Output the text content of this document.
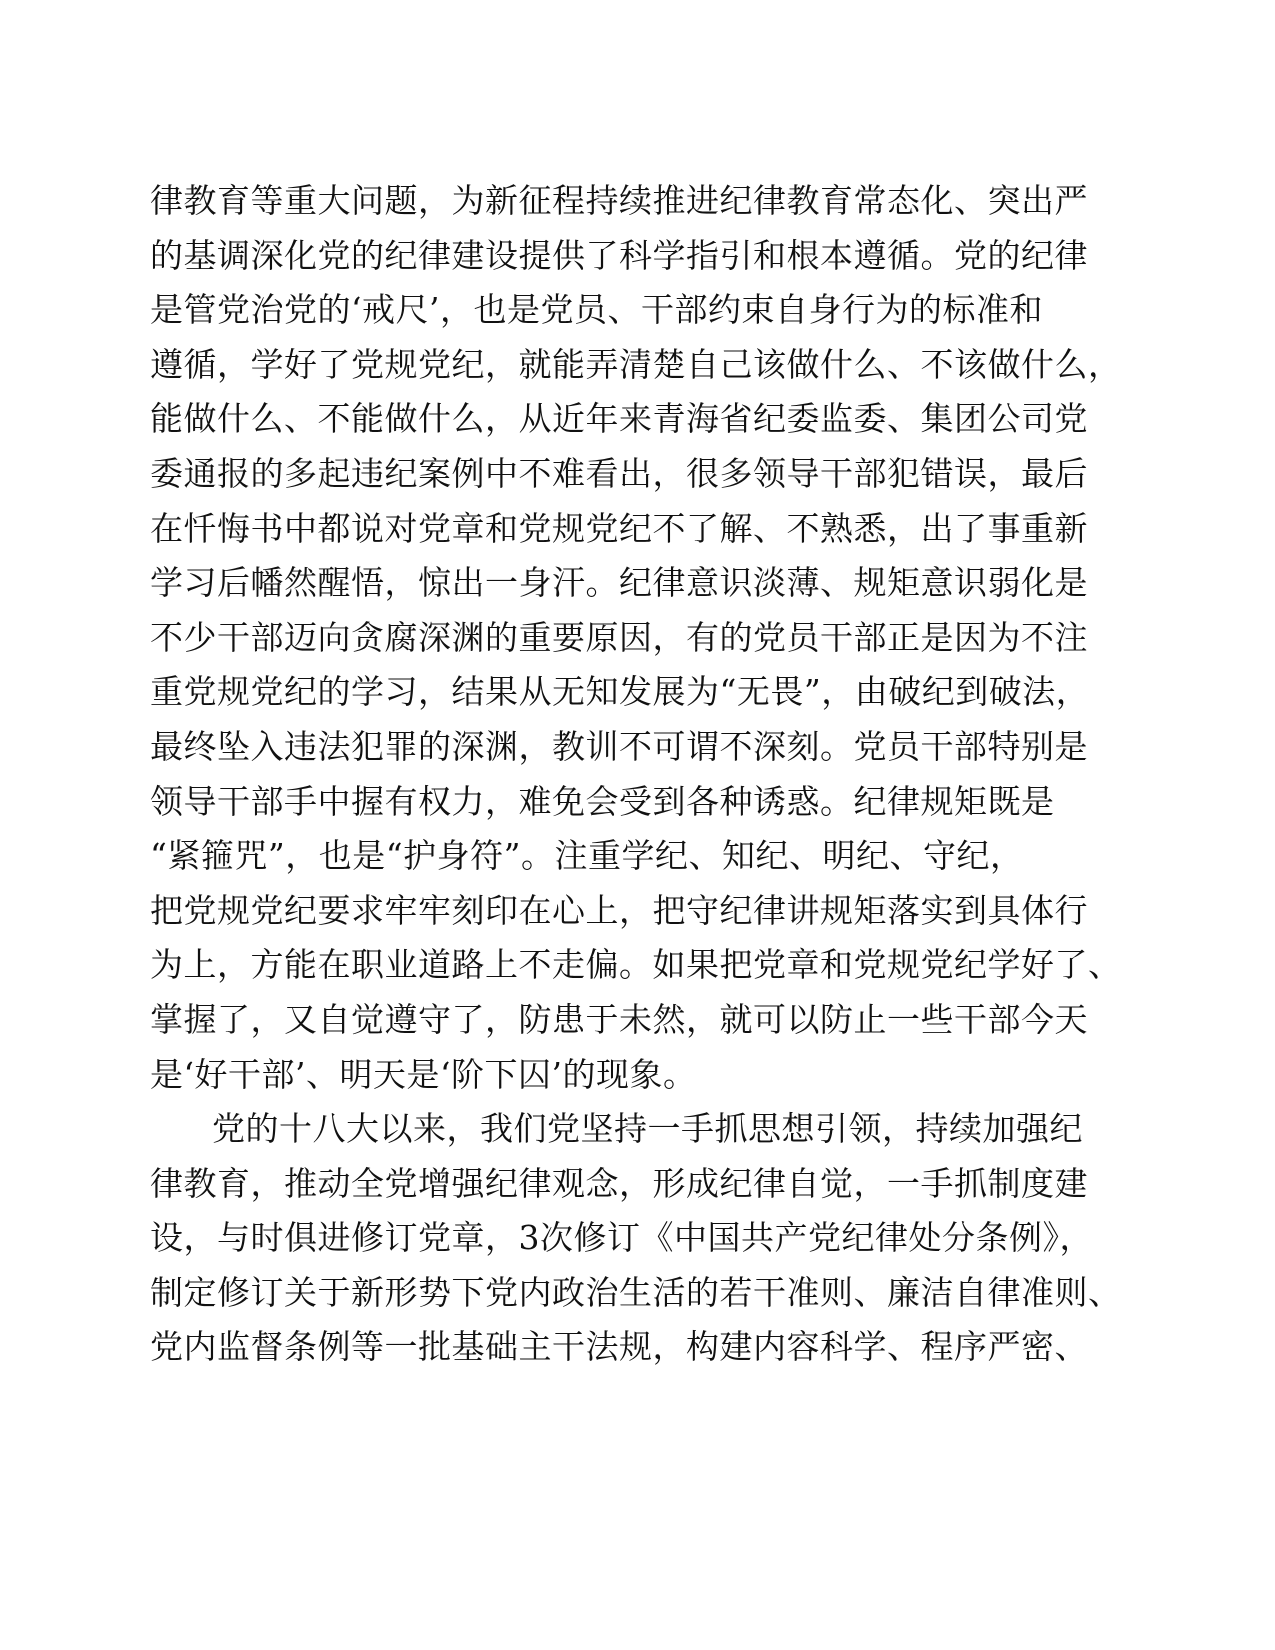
律教育等重大问题，为新征程持续推进纪律教育常态化、突出严
的基调深化党的纪律建设提供了科学指引和根本遵循。党的纪律
是管党治党的‘戒尺’，也是党员、干部约束自身行为的标准和
遵循，学好了党规党纪，就能弄清楚自己该做什么、不该做什么，
能做什么、不能做什么，从近年来青海省纪委监委、集团公司党
委通报的多起违纪案例中不难看出，很多领导干部犯错误，最后
在忏悔书中都说对党章和党规党纪不了解、不熟悉，出了事重新
学习后幡然醒悟，惊出一身汗。纪律意识淡薄、规矩意识弱化是
不少干部迈向贪腐深渊的重要原因，有的党员干部正是因为不注
重党规党纪的学习，结果从无知发展为“无畏”，由破纪到破法，
最终坠入违法犯罪的深渊，教训不可谓不深刻。党员干部特别是
领导干部手中握有权力，难免会受到各种诱惑。纪律规矩既是
“紧箍咒”，也是“护身符”。注重学纪、知纪、明纪、守纪，
把党规党纪要求牢牢刻印在心上，把守纪律讲规矩落实到具体行
为上，方能在职业道路上不走偏。如果把党章和党规党纪学好了、
掌握了，又自觉遵守了，防患于未然，就可以防止一些干部今天
是‘好干部’、明天是‘阶下囚’的现象。
党的十八大以来，我们党坚持一手抓思想引领，持续加强纪
律教育，推动全党增强纪律观念，形成纪律自觉，一手抓制度建
设，与时俱进修订党章，3次修订《中国共产党纪律处分条例》，
制定修订关于新形势下党内政治生活的若干准则、廉洁自律准则、
党内监督条例等一批基础主干法规，构建内容科学、程序严密、
